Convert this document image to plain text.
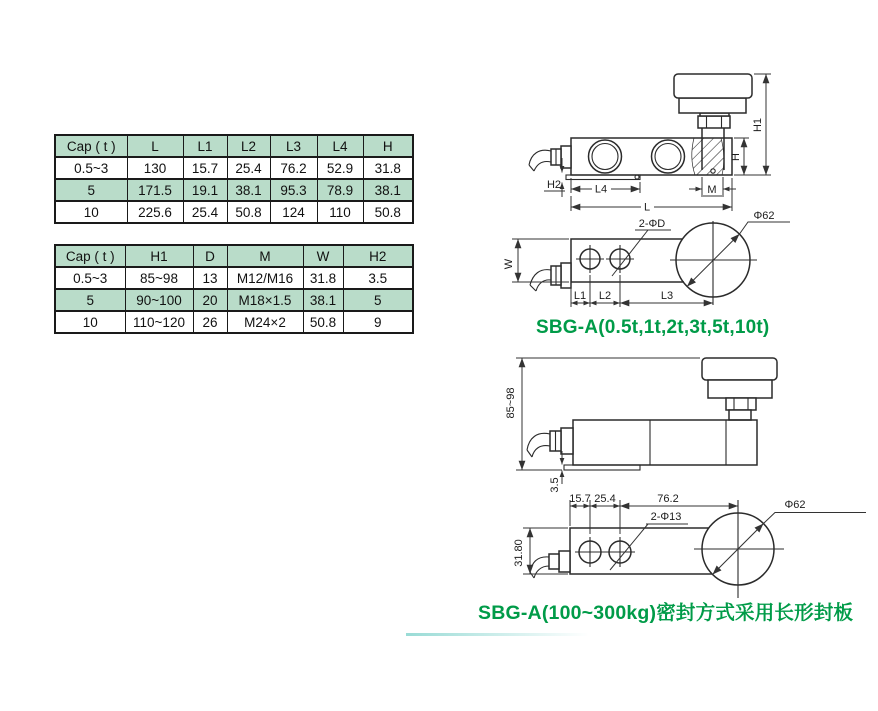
Cap ( t )	L	L1	L2	L3	L4	H
0.5~3	130	15.7	25.4	76.2	52.9	31.8
5	171.5	19.1	38.1	95.3	78.9	38.1
10	225.6	25.4	50.8	124	110	50.8
Cap ( t )	H1	D	M	W	H2
0.5~3	85~98	13	M12/M16	31.8	3.5
5	90~100	20	M18×1.5	38.1	5
10	110~120	26	M24×2	50.8	9
H2	L4
L
M
H
H1
W
L1 L2	L3
2-ΦD
Φ62
85~98
3.5
15.7 25.4	76.2
31.80
2-Φ13
Φ62
SBG-A(0.5t,1t,2t,3t,5t,10t)
SBG-A(100~300kg)密封方式采用长形封板
